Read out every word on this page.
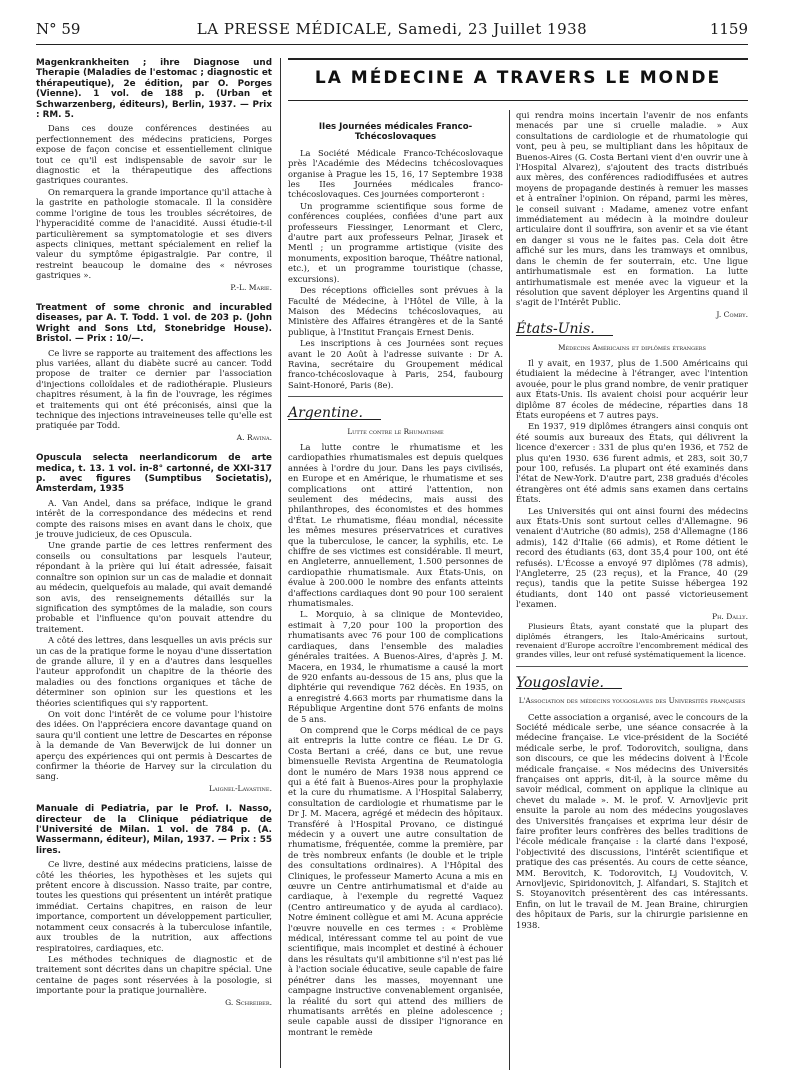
N° 59	LA PRESSE MÉDICALE, Samedi, 23 Juillet 1938	1159

Magenkrankheiten ; ihre Diagnose und Therapie (Maladies de l'estomac ; diagnostic et thérapeutique), 2e édition, par O. Porges (Vienne). 1 vol. de 188 p. (Urban et Schwarzenberg, éditeurs), Berlin, 1937. — Prix : RM. 5.

Dans ces douze conférences destinées au perfectionnement des médecins praticiens, Porges expose de façon concise et essentiellement clinique tout ce qu'il est indispensable de savoir sur le diagnostic et la thérapeutique des affections gastriques courantes.

On remarquera la grande importance qu'il attache à la gastrite en pathologie stomacale. Il la considère comme l'origine de tous les troubles sécrétoires, de l'hyperacidité comme de l'anacidité. Aussi étudie-t-il particulièrement sa symptomatologie et ses divers aspects cliniques, mettant spécialement en relief la valeur du symptôme épigastralgie. Par contre, il restreint beaucoup le domaine des « névroses gastriques ».

P.-L. Marie.

Treatment of some chronic and incurabled diseases, par A. T. Todd. 1 vol. de 203 p. (John Wright and Sons Ltd, Stonebridge House). Bristol. — Prix : 10/—.

Ce livre se rapporte au traitement des affections les plus variées, allant du diabète sucré au cancer. Todd propose de traiter ce dernier par l'association d'injections colloïdales et de radiothérapie. Plusieurs chapitres résument, à la fin de l'ouvrage, les régimes et traitements qui ont été préconisés, ainsi que la technique des injections intraveineuses telle qu'elle est pratiquée par Todd.

A. Ravina.

Opuscula selecta neerlandicorum de arte medica, t. 13. 1 vol. in-8° cartonné, de XXI-317 p. avec figures (Sumptibus Societatis), Amsterdam, 1935

A. Van Andel, dans sa préface, indique le grand intérêt de la correspondance des médecins et rend compte des raisons mises en avant dans le choix, que je trouve judicieux, de ces Opuscula.

Une grande partie de ces lettres renferment des conseils ou consultations par lesquels l'auteur, répondant à la prière qui lui était adressée, faisait connaître son opinion sur un cas de maladie et donnait au médecin, quelquefois au malade, qui avait demandé son avis, des renseignements détaillés sur la signification des symptômes de la maladie, son cours probable et l'influence qu'on pouvait attendre du traitement.

A côté des lettres, dans lesquelles un avis précis sur un cas de la pratique forme le noyau d'une dissertation de grande allure, il y en a d'autres dans lesquelles l'auteur approfondit un chapitre de la théorie des maladies ou des fonctions organiques et tâche de déterminer son opinion sur les questions et les théories scientifiques qui s'y rapportent.

On voit donc l'intérêt de ce volume pour l'histoire des idées. On l'appréciera encore davantage quand on saura qu'il contient une lettre de Descartes en réponse à la demande de Van Beverwijck de lui donner un aperçu des expériences qui ont permis à Descartes de confirmer la théorie de Harvey sur la circulation du sang.

Laignel-Lavastine.

Manuale di Pediatria, par le Prof. I. Nasso, directeur de la Clinique pédiatrique de l'Université de Milan. 1 vol. de 784 p. (A. Wassermann, éditeur), Milan, 1937. — Prix : 55 lires.

Ce livre, destiné aux médecins praticiens, laisse de côté les théories, les hypothèses et les sujets qui prêtent encore à discussion. Nasso traite, par contre, toutes les questions qui présentent un intérêt pratique immédiat. Certains chapitres, en raison de leur importance, comportent un développement particulier, notamment ceux consacrés à la tuberculose infantile, aux troubles de la nutrition, aux affections respiratoires, cardiaques, etc.

Les méthodes techniques de diagnostic et de traitement sont décrites dans un chapitre spécial. Une centaine de pages sont réservées à la posologie, si importante pour la pratique journalière.

G. Schreiber.
LA MÉDECINE A TRAVERS LE MONDE
IIes Journées médicales Franco-Tchécoslovaques

La Société Médicale Franco-Tchécoslovaque près l'Académie des Médecins tchécoslovaques organise à Prague les 15, 16, 17 Septembre 1938 les IIes Journées médicales franco-tchécoslovaques. Ces journées comporteront :

Un programme scientifique sous forme de conférences couplées, confiées d'une part aux professeurs Fiessinger, Lenormant et Clerc, d'autre part aux professeurs Pelnar, Jirasek et Mentl ; un programme artistique (visite des monuments, exposition baroque, Théâtre national, etc.), et un programme touristique (chasse, excursions).

Des réceptions officielles sont prévues à la Faculté de Médecine, à l'Hôtel de Ville, à la Maison des Médecins tchécoslovaques, au Ministère des Affaires étrangères et de la Santé publique, à l'Institut Français Ernest Denis.

Les inscriptions à ces Journées sont reçues avant le 20 Août à l'adresse suivante : Dr A. Ravina, secrétaire du Groupement médical franco-tchécoslovaque à Paris, 254, faubourg Saint-Honoré, Paris (8e).

Argentine.
Lutte contre le Rhumatisme

La lutte contre le rhumatisme et les cardiopathies rhumatismales est depuis quelques années à l'ordre du jour. Dans les pays civilisés, en Europe et en Amérique, le rhumatisme et ses complications ont attiré l'attention, non seulement des médecins, mais aussi des philanthropes, des économistes et des hommes d'État. Le rhumatisme, fléau mondial, nécessite les mêmes mesures préservatrices et curatives que la tuberculose, le cancer, la syphilis, etc. Le chiffre de ses victimes est considérable. Il meurt, en Angleterre, annuellement, 1.500 personnes de cardiopathie rhumatismale. Aux États-Unis, on évalue à 200.000 le nombre des enfants atteints d'affections cardiaques dont 90 pour 100 seraient rhumatismales.

L. Morquio, à sa clinique de Montevideo, estimait à 7,20 pour 100 la proportion des rhumatisants avec 76 pour 100 de complications cardiaques, dans l'ensemble des maladies générales traitées. A Buenos-Aires, d'après J. M. Macera, en 1934, le rhumatisme a causé la mort de 920 enfants au-dessous de 15 ans, plus que la diphtérie qui revendique 762 décès. En 1935, on a enregistré 4.663 morts par rhumatisme dans la République Argentine dont 576 enfants de moins de 5 ans.

On comprend que le Corps médical de ce pays ait entrepris la lutte contre ce fléau. Le Dr G. Costa Bertani a créé, dans ce but, une revue bimensuelle Revista Argentina de Reumatologia dont le numéro de Mars 1938 nous apprend ce qui a été fait à Buenos-Aires pour la prophylaxie et la cure du rhumatisme. A l'Hospital Salaberry, consultation de cardiologie et rhumatisme par le Dr J. M. Macera, agrégé et médecin des hôpitaux. Transféré à l'Hospital Provano, ce distingué médecin y a ouvert une autre consultation de rhumatisme, fréquentée, comme la première, par de très nombreux enfants (le double et le triple des consultations ordinaires). A l'Hôpital des Cliniques, le professeur Mamerto Acuna a mis en œuvre un Centre antirhumatismal et d'aide au cardiaque, à l'exemple du regretté Vaquez (Centro antireumatico y de ayuda al cardiaco). Notre éminent collègue et ami M. Acuna apprécie l'œuvre nouvelle en ces termes : « Problème médical, intéressant comme tel au point de vue scientifique, mais incomplet et destiné à échouer dans les résultats qu'il ambitionne s'il n'est pas lié à l'action sociale éducative, seule capable de faire pénétrer dans les masses, moyennant une campagne instructive convenablement organisée, la réalité du sort qui attend des milliers de rhumatisants arrêtés en pleine adolescence ; seule capable aussi de dissiper l'ignorance en montrant le remède

qui rendra moins incertain l'avenir de nos enfants menacés par une si cruelle maladie. » Aux consultations de cardiologie et de rhumatologie qui vont, peu à peu, se multipliant dans les hôpitaux de Buenos-Aires (G. Costa Bertani vient d'en ouvrir une à l'Hospital Alvarez), s'ajoutent des tracts distribués aux mères, des conférences radiodiffusées et autres moyens de propagande destinés à remuer les masses et à entraîner l'opinion. On répand, parmi les mères, le conseil suivant : Madame, amenez votre enfant immédiatement au médecin à la moindre douleur articulaire dont il souffrira, son avenir et sa vie étant en danger si vous ne le faites pas. Cela doit être affiché sur les murs, dans les tramways et omnibus, dans le chemin de fer souterrain, etc. Une ligue antirhumatismale est en formation. La lutte antirhumatismale est menée avec la vigueur et la résolution que savent déployer les Argentins quand il s'agit de l'Intérêt Public.

J. Comby.
États-Unis.
Médecins Américains et diplômés étrangers

Il y avait, en 1937, plus de 1.500 Américains qui étudiaient la médecine à l'étranger, avec l'intention avouée, pour le plus grand nombre, de venir pratiquer aux États-Unis. Ils avaient choisi pour acquérir leur diplôme 87 écoles de médecine, réparties dans 18 États européens et 7 autres pays.

En 1937, 919 diplômes étrangers ainsi conquis ont été soumis aux bureaux des États, qui délivrent la licence d'exercer : 331 de plus qu'en 1936, et 752 de plus qu'en 1930. 636 furent admis, et 283, soit 30,7 pour 100, refusés. La plupart ont été examinés dans l'état de New-York. D'autre part, 238 gradués d'écoles étrangères ont été admis sans examen dans certains États.

Les Universités qui ont ainsi fourni des médecins aux États-Unis sont surtout celles d'Allemagne. 96 venaient d'Autriche (80 admis), 258 d'Allemagne (186 admis), 142 d'Italie (66 admis), et Rome détient le record des étudiants (63, dont 35,4 pour 100, ont été refusés). L'Écosse a envoyé 97 diplômes (78 admis), l'Angleterre, 25 (23 reçus), et la France, 40 (29 reçus), tandis que la petite Suisse hébergea 192 étudiants, dont 140 ont passé victorieusement l'examen.

Ph. Dally.

Plusieurs États, ayant constaté que la plupart des diplômés étrangers, les Italo-Américains surtout, revenaient d'Europe accroître l'encombrement médical des grandes villes, leur ont refusé systématiquement la licence.

Yougoslavie.
L'Association des médecins yougoslaves des Universités françaises

Cette association a organisé, avec le concours de la Société médicale serbe, une séance consacrée à la médecine française. Le vice-président de la Société médicale serbe, le prof. Todorovitch, souligna, dans son discours, ce que les médecins doivent à l'École médicale française. « Nos médecins des Universités françaises ont appris, dit-il, à la source même du savoir médical, comment on applique la clinique au chevet du malade ». M. le prof. V. Arnovljevic prit ensuite la parole au nom des médecins yougoslaves des Universités françaises et exprima leur désir de faire profiter leurs confrères des belles traditions de l'école médicale française : la clarté dans l'exposé, l'objectivité des discussions, l'intérêt scientifique et pratique des cas présentés. Au cours de cette séance, MM. Berovitch, K. Todorovitch, Lj Voudovitch, V. Arnovljevic, Spiridonovitch, J. Alfandari, S. Stajitch et S. Stoyanovitch présentèrent des cas intéressants. Enfin, on lut le travail de M. Jean Braine, chirurgien des hôpitaux de Paris, sur la chirurgie parisienne en 1938.
